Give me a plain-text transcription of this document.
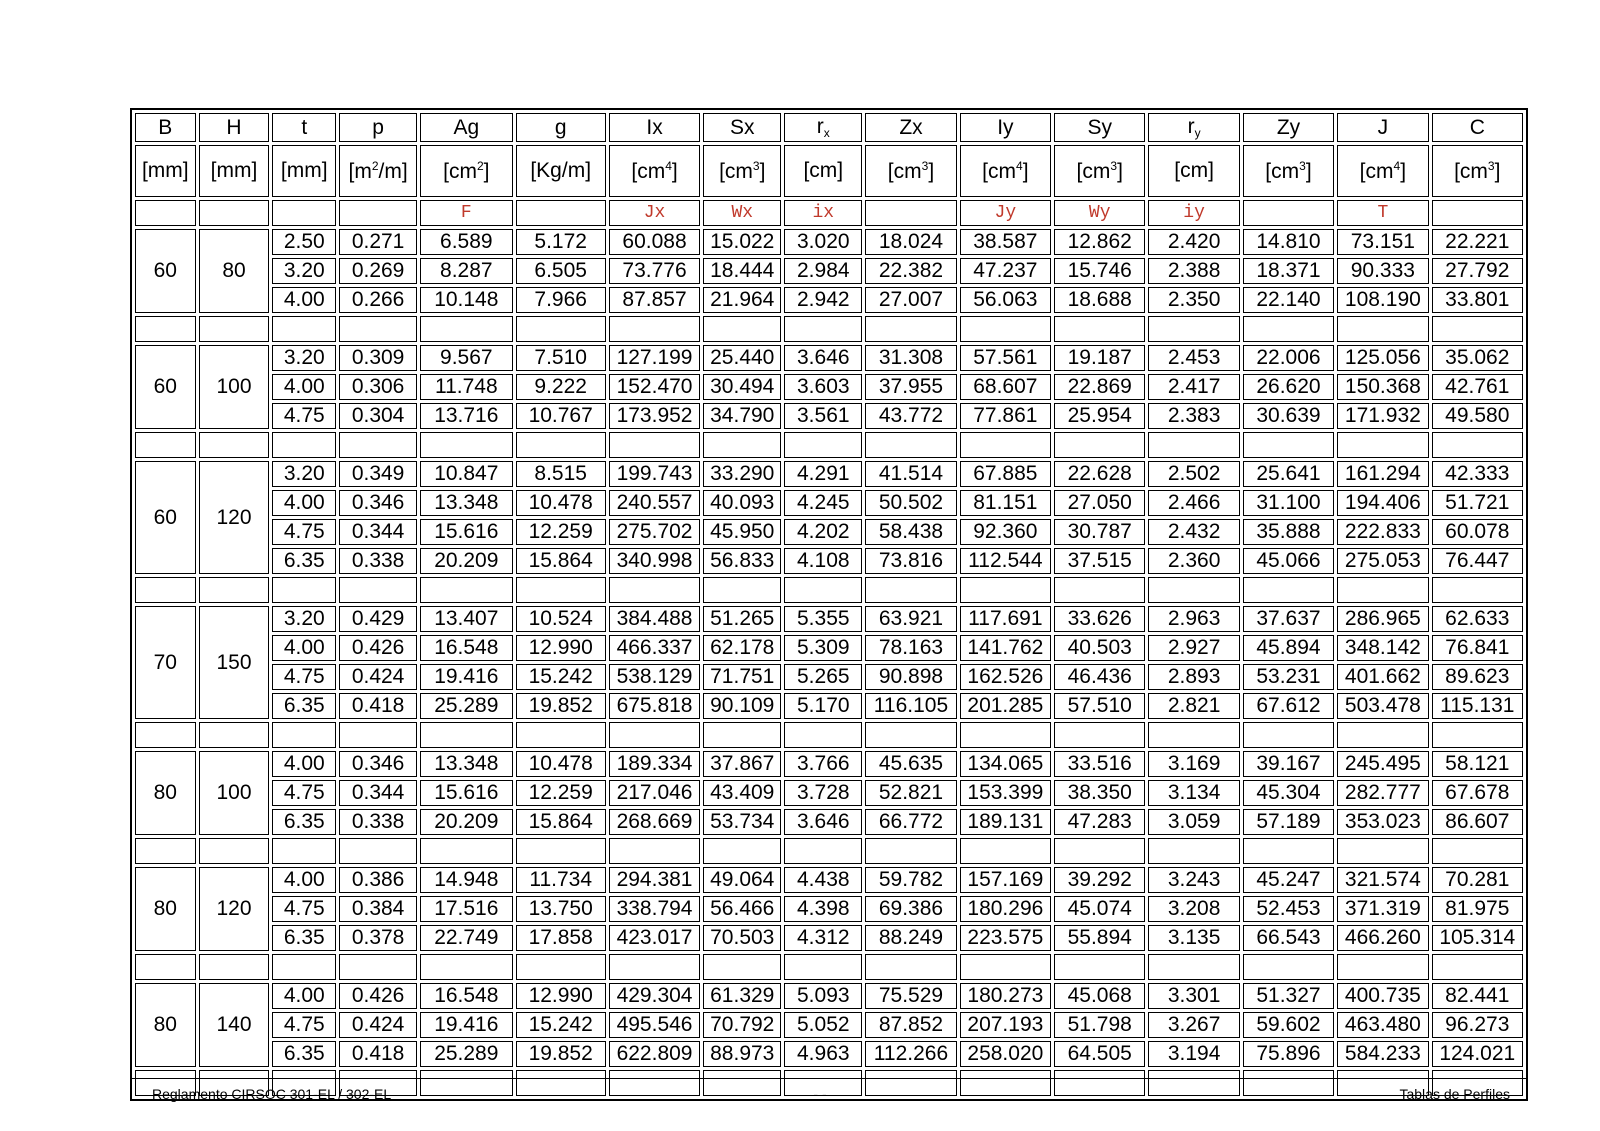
B	H	t	p	Ag	g	Ix	Sx	$r_x$	Zx	Iy	Sy	$r_y$	Zy	J	C
[mm]	[mm]	[mm]	$[m^2/m]$	$[cm^2]$	[Kg/m]	$[cm^4]$	$[cm^3]$	[cm]	$[cm^3]$	$[cm^4]$	$[cm^3]$	[cm]	$[cm^3]$	$[cm^4]$	$[cm^3]$
				F		Jx	Wx	ix		Jy	Wy	iy		T	
60	80	2.50	0.271	6.589	5.172	60.088	15.022	3.020	18.024	38.587	12.862	2.420	14.810	73.151	22.221
		3.20	0.269	8.287	6.505	73.776	18.444	2.984	22.382	47.237	15.746	2.388	18.371	90.333	27.792
		4.00	0.266	10.148	7.966	87.857	21.964	2.942	27.007	56.063	18.688	2.350	22.140	108.190	33.801

60	100	3.20	0.309	9.567	7.510	127.199	25.440	3.646	31.308	57.561	19.187	2.453	22.006	125.056	35.062
		4.00	0.306	11.748	9.222	152.470	30.494	3.603	37.955	68.607	22.869	2.417	26.620	150.368	42.761
		4.75	0.304	13.716	10.767	173.952	34.790	3.561	43.772	77.861	25.954	2.383	30.639	171.932	49.580

60	120	3.20	0.349	10.847	8.515	199.743	33.290	4.291	41.514	67.885	22.628	2.502	25.641	161.294	42.333
		4.00	0.346	13.348	10.478	240.557	40.093	4.245	50.502	81.151	27.050	2.466	31.100	194.406	51.721
		4.75	0.344	15.616	12.259	275.702	45.950	4.202	58.438	92.360	30.787	2.432	35.888	222.833	60.078
		6.35	0.338	20.209	15.864	340.998	56.833	4.108	73.816	112.544	37.515	2.360	45.066	275.053	76.447

70	150	3.20	0.429	13.407	10.524	384.488	51.265	5.355	63.921	117.691	33.626	2.963	37.637	286.965	62.633
		4.00	0.426	16.548	12.990	466.337	62.178	5.309	78.163	141.762	40.503	2.927	45.894	348.142	76.841
		4.75	0.424	19.416	15.242	538.129	71.751	5.265	90.898	162.526	46.436	2.893	53.231	401.662	89.623
		6.35	0.418	25.289	19.852	675.818	90.109	5.170	116.105	201.285	57.510	2.821	67.612	503.478	115.131

80	100	4.00	0.346	13.348	10.478	189.334	37.867	3.766	45.635	134.065	33.516	3.169	39.167	245.495	58.121
		4.75	0.344	15.616	12.259	217.046	43.409	3.728	52.821	153.399	38.350	3.134	45.304	282.777	67.678
		6.35	0.338	20.209	15.864	268.669	53.734	3.646	66.772	189.131	47.283	3.059	57.189	353.023	86.607

80	120	4.00	0.386	14.948	11.734	294.381	49.064	4.438	59.782	157.169	39.292	3.243	45.247	321.574	70.281
		4.75	0.384	17.516	13.750	338.794	56.466	4.398	69.386	180.296	45.074	3.208	52.453	371.319	81.975
		6.35	0.378	22.749	17.858	423.017	70.503	4.312	88.249	223.575	55.894	3.135	66.543	466.260	105.314

80	140	4.00	0.426	16.548	12.990	429.304	61.329	5.093	75.529	180.273	45.068	3.301	51.327	400.735	82.441
		4.75	0.424	19.416	15.242	495.546	70.792	5.052	87.852	207.193	51.798	3.267	59.602	463.480	96.273
		6.35	0.418	25.289	19.852	622.809	88.973	4.963	112.266	258.020	64.505	3.194	75.896	584.233	124.021

Reglamento CIRSOC 301-EL / 302-EL	- -	Tablas de Perfiles
